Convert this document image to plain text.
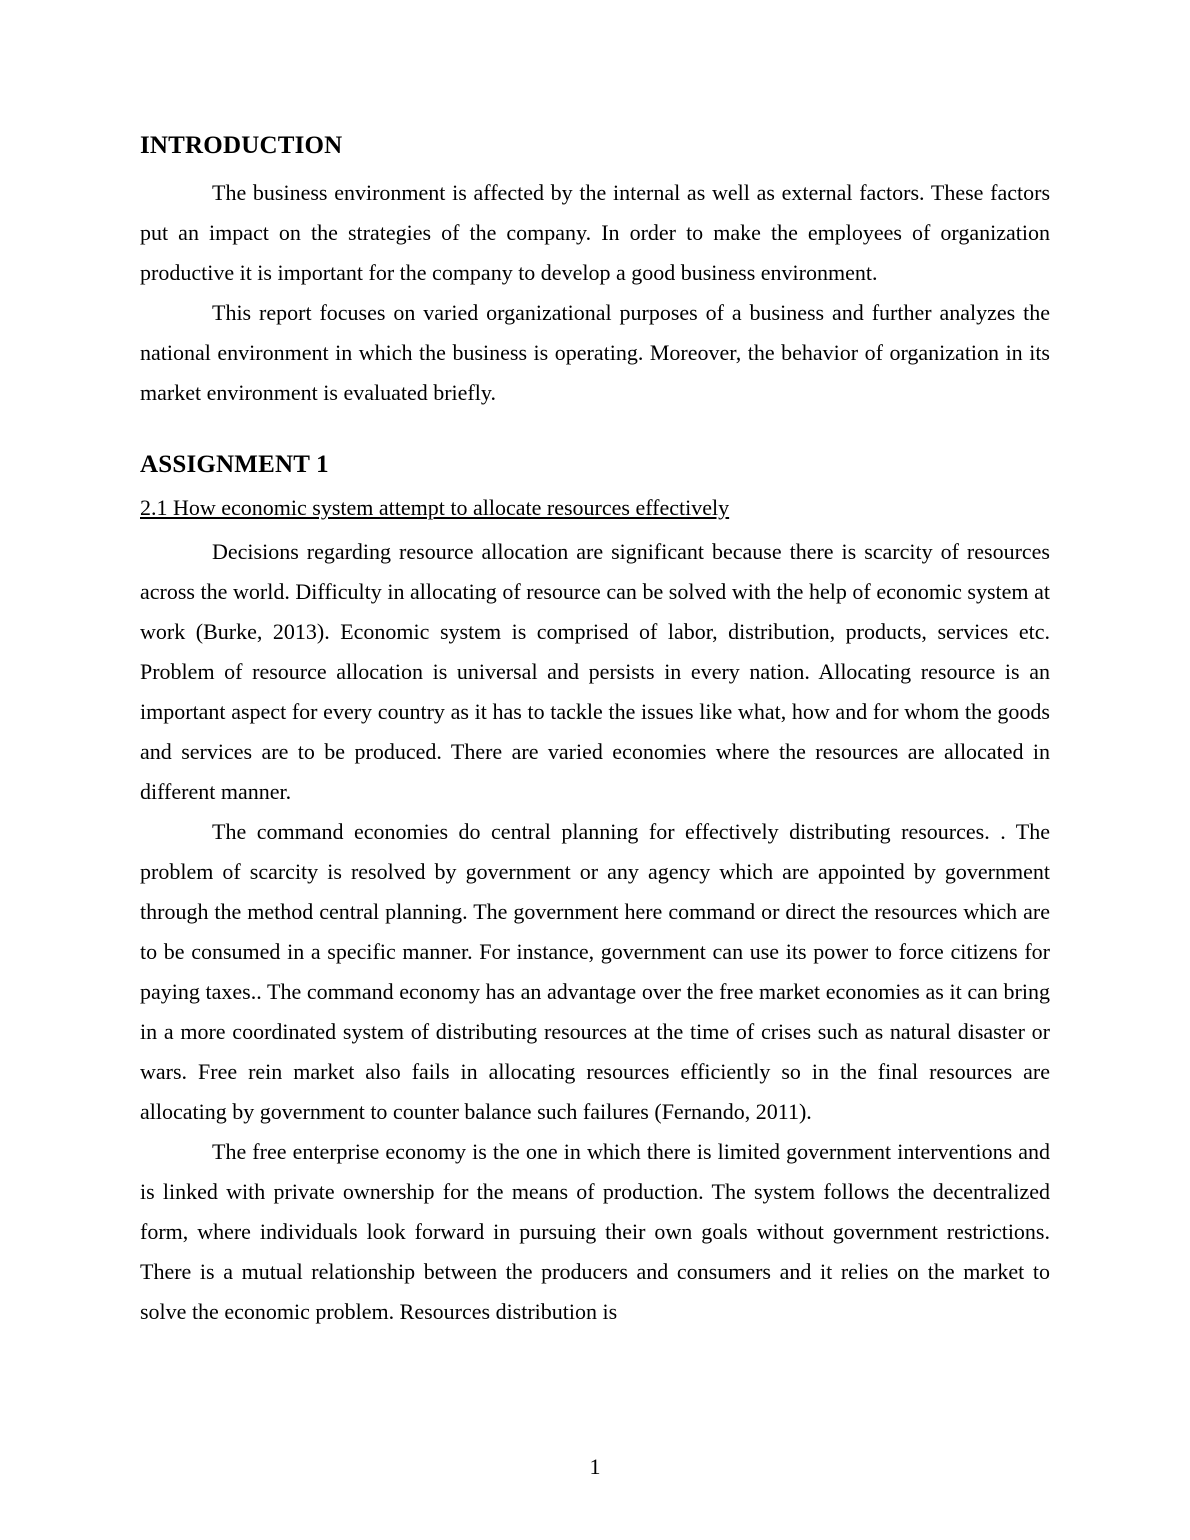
INTRODUCTION

The business environment is affected by the internal as well as external factors. These factors put an impact on the strategies of the company. In order to make the employees of organization productive it is important for the company to develop a good business environment.

This report focuses on varied organizational purposes of a business and further analyzes the national environment in which the business is operating. Moreover, the behavior of organization in its market environment is evaluated briefly.

ASSIGNMENT 1
2.1 How economic system attempt to allocate resources effectively

Decisions regarding resource allocation are significant because there is scarcity of resources across the world. Difficulty in allocating of resource can be solved with the help of economic system at work (Burke, 2013). Economic system is comprised of labor, distribution, products, services etc. Problem of resource allocation is universal and persists in every nation. Allocating resource is an important aspect for every country as it has to tackle the issues like what, how and for whom the goods and services are to be produced. There are varied economies where the resources are allocated in different manner.

The command economies do central planning for effectively distributing resources. . The problem of scarcity is resolved by government or any agency which are appointed by government through the method central planning. The government here command or direct the resources which are to be consumed in a specific manner. For instance, government can use its power to force citizens for paying taxes.. The command economy has an advantage over the free market economies as it can bring in a more coordinated system of distributing resources at the time of crises such as natural disaster or wars. Free rein market also fails in allocating resources efficiently so in the final resources are allocating by government to counter balance such failures (Fernando, 2011).

The free enterprise economy is the one in which there is limited government interventions and is linked with private ownership for the means of production. The system follows the decentralized form, where individuals look forward in pursuing their own goals without government restrictions. There is a mutual relationship between the producers and consumers and it relies on the market to solve the economic problem. Resources distribution is

1
